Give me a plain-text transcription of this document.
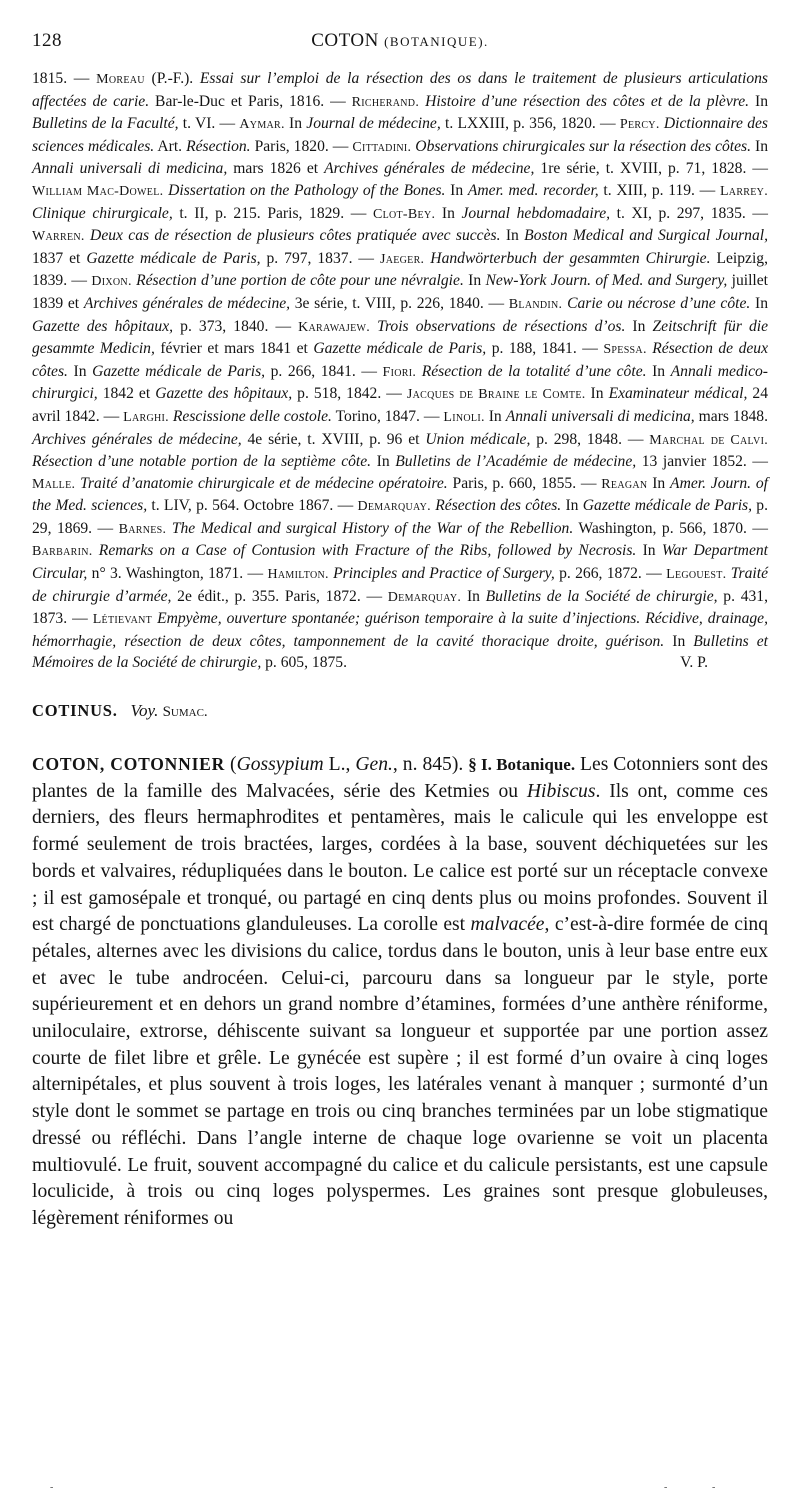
128	COTON (BOTANIQUE).
1815. — Moreau (P.-F.). Essai sur l’emploi de la résection des os dans le traitement de plusieurs articulations affectées de carie. Bar-le-Duc et Paris, 1816. — Richerand. Histoire d’une résection des côtes et de la plèvre. In Bulletins de la Faculté, t. VI. — Aymar. In Journal de médecine, t. LXXIII, p. 356, 1820. — Percy. Dictionnaire des sciences médicales. Art. Résection. Paris, 1820. — Cittadini. Observations chirurgicales sur la résection des côtes. In Annali universali di medicina, mars 1826 et Archives générales de médecine, 1re série, t. XVIII, p. 71, 1828. — William Mac-Dowel. Dissertation on the Pathology of the Bones. In Amer. med. recorder, t. XIII, p. 119. — Larrey. Clinique chirurgicale, t. II, p. 215. Paris, 1829. — Clot-Bey. In Journal hebdomadaire, t. XI, p. 297, 1835. — Warren. Deux cas de résection de plusieurs côtes pratiquée avec succès. In Boston Medical and Surgical Journal, 1837 et Gazette médicale de Paris, p. 797, 1837. — Jaeger. Handwörterbuch der gesammten Chirurgie. Leipzig, 1839. — Dixon. Résection d’une portion de côte pour une névralgie. In New-York Journ. of Med. and Surgery, juillet 1839 et Archives générales de médecine, 3e série, t. VIII, p. 226, 1840. — Blandin. Carie ou nécrose d’une côte. In Gazette des hôpitaux, p. 373, 1840. — Karawajew. Trois observations de résections d’os. In Zeitschrift für die gesammte Medicin, février et mars 1841 et Gazette médicale de Paris, p. 188, 1841. — Spessa. Résection de deux côtes. In Gazette médicale de Paris, p. 266, 1841. — Fiori. Résection de la totalité d’une côte. In Annali medico-chirurgici, 1842 et Gazette des hôpitaux, p. 518, 1842. — Jacques de Braine le Comte. In Examinateur médical, 24 avril 1842. — Larghi. Rescissione delle costole. Torino, 1847. — Linoli. In Annali universali di medicina, mars 1848. Archives générales de médecine, 4e série, t. XVIII, p. 96 et Union médicale, p. 298, 1848. — Marchal de Calvi. Résection d’une notable portion de la septième côte. In Bulletins de l’Académie de médecine, 13 janvier 1852. — Malle. Traité d’anatomie chirurgicale et de médecine opératoire. Paris, p. 660, 1855. — Reagan In Amer. Journ. of the Med. sciences, t. LIV, p. 564. Octobre 1867. — Demarquay. Résection des côtes. In Gazette médicale de Paris, p. 29, 1869. — Barnes. The Medical and surgical History of the War of the Rebellion. Washington, p. 566, 1870. — Barbarin. Remarks on a Case of Contusion with Fracture of the Ribs, followed by Necrosis. In War Department Circular, n° 3. Washington, 1871. — Hamilton. Principles and Practice of Surgery, p. 266, 1872. — Legouest. Traité de chirurgie d’armée, 2e édit., p. 355. Paris, 1872. — Demarquay. In Bulletins de la Société de chirurgie, p. 431, 1873. — Létievant Empyème, ouverture spontanée; guérison temporaire à la suite d’injections. Récidive, drainage, hémorrhagie, résection de deux côtes, tamponnement de la cavité thoracique droite, guérison. In Bulletins et Mémoires de la Société de chirurgie, p. 605, 1875.	V. P.
COTINUS. Voy. Sumac.
COTON, COTONNIER (Gossypium L., Gen., n. 845). § I. Botanique. Les Cotonniers sont des plantes de la famille des Malvacées, série des Ketmies ou Hibiscus. Ils ont, comme ces derniers, des fleurs hermaphrodites et pentamères, mais le calicule qui les enveloppe est formé seulement de trois bractées, larges, cordées à la base, souvent déchiquetées sur les bords et valvaires, rédupliquées dans le bouton. Le calice est porté sur un réceptacle convexe ; il est gamosépale et tronqué, ou partagé en cinq dents plus ou moins profondes. Souvent il est chargé de ponctuations glanduleuses. La corolle est malvacée, c’est-à-dire formée de cinq pétales, alternes avec les divisions du calice, tordus dans le bouton, unis à leur base entre eux et avec le tube androcéen. Celui-ci, parcouru dans sa longueur par le style, porte supérieurement et en dehors un grand nombre d’étamines, formées d’une anthère réniforme, uniloculaire, extrorse, déhiscente suivant sa longueur et supportée par une portion assez courte de filet libre et grêle. Le gynécée est supère ; il est formé d’un ovaire à cinq loges alternipétales, et plus souvent à trois loges, les latérales venant à manquer ; surmonté d’un style dont le sommet se partage en trois ou cinq branches terminées par un lobe stigmatique dressé ou réfléchi. Dans l’angle interne de chaque loge ovarienne se voit un placenta multiovulé. Le fruit, souvent accompagné du calice et du calicule persistants, est une capsule loculicide, à trois ou cinq loges polyspermes. Les graines sont presque globuleuses, légèrement réniformes ou
-	-	-
